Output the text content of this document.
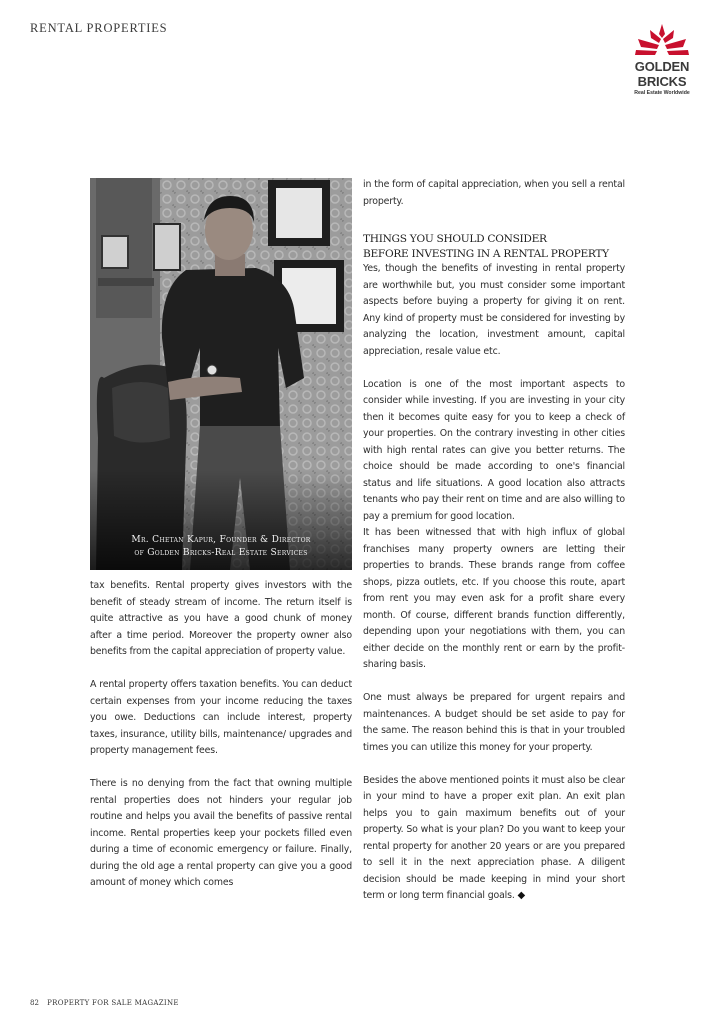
RENTAL PROPERTIES
GOLDEN
BRICKS
Real Estate Worldwide
Mr. Chetan Kapur, Founder & Director
of Golden Bricks-Real Estate Services

tax benefits. Rental property gives investors with the benefit of steady stream of income. The return itself is quite attractive as you have a good chunk of money after a time period. Moreover the property owner also benefits from the capital appreciation of property value.

A rental property offers taxation benefits. You can deduct certain expenses from your income reducing the taxes you owe. Deductions can include interest, property taxes, insurance, utility bills, maintenance/ upgrades and property management fees.

There is no denying from the fact that owning multiple rental properties does not hinders your regular job routine and helps you avail the benefits of passive rental income. Rental properties keep your pockets filled even during a time of economic emergency or failure. Finally, during the old age a rental property can give you a good amount of money which comes

in the form of capital appreciation, when you sell a rental property.

THINGS YOU SHOULD CONSIDER
BEFORE INVESTING IN A RENTAL PROPERTY

Yes, though the benefits of investing in rental property are worthwhile but, you must consider some important aspects before buying a property for giving it on rent. Any kind of property must be considered for investing by analyzing the location, investment amount, capital appreciation, resale value etc.

Location is one of the most important aspects to consider while investing. If you are investing in your city then it becomes quite easy for you to keep a check of your properties. On the contrary investing in other cities with high rental rates can give you better returns. The choice should be made according to one's financial status and life situations. A good location also attracts tenants who pay their rent on time and are also willing to pay a premium for good location.

It has been witnessed that with high influx of global franchises many property owners are letting their properties to brands. These brands range from coffee shops, pizza outlets, etc. If you choose this route, apart from rent you may even ask for a profit share every month. Of course, different brands function differently, depending upon your negotiations with them, you can either decide on the monthly rent or earn by the profit-sharing basis.

One must always be prepared for urgent repairs and maintenances. A budget should be set aside to pay for the same. The reason behind this is that in your troubled times you can utilize this money for your property.

Besides the above mentioned points it must also be clear in your mind to have a proper exit plan. An exit plan helps you to gain maximum benefits out of your property. So what is your plan? Do you want to keep your rental property for another 20 years or are you prepared to sell it in the next appreciation phase. A diligent decision should be made keeping in mind your short term or long term financial goals. ◆

82 PROPERTY FOR SALE MAGAZINE
